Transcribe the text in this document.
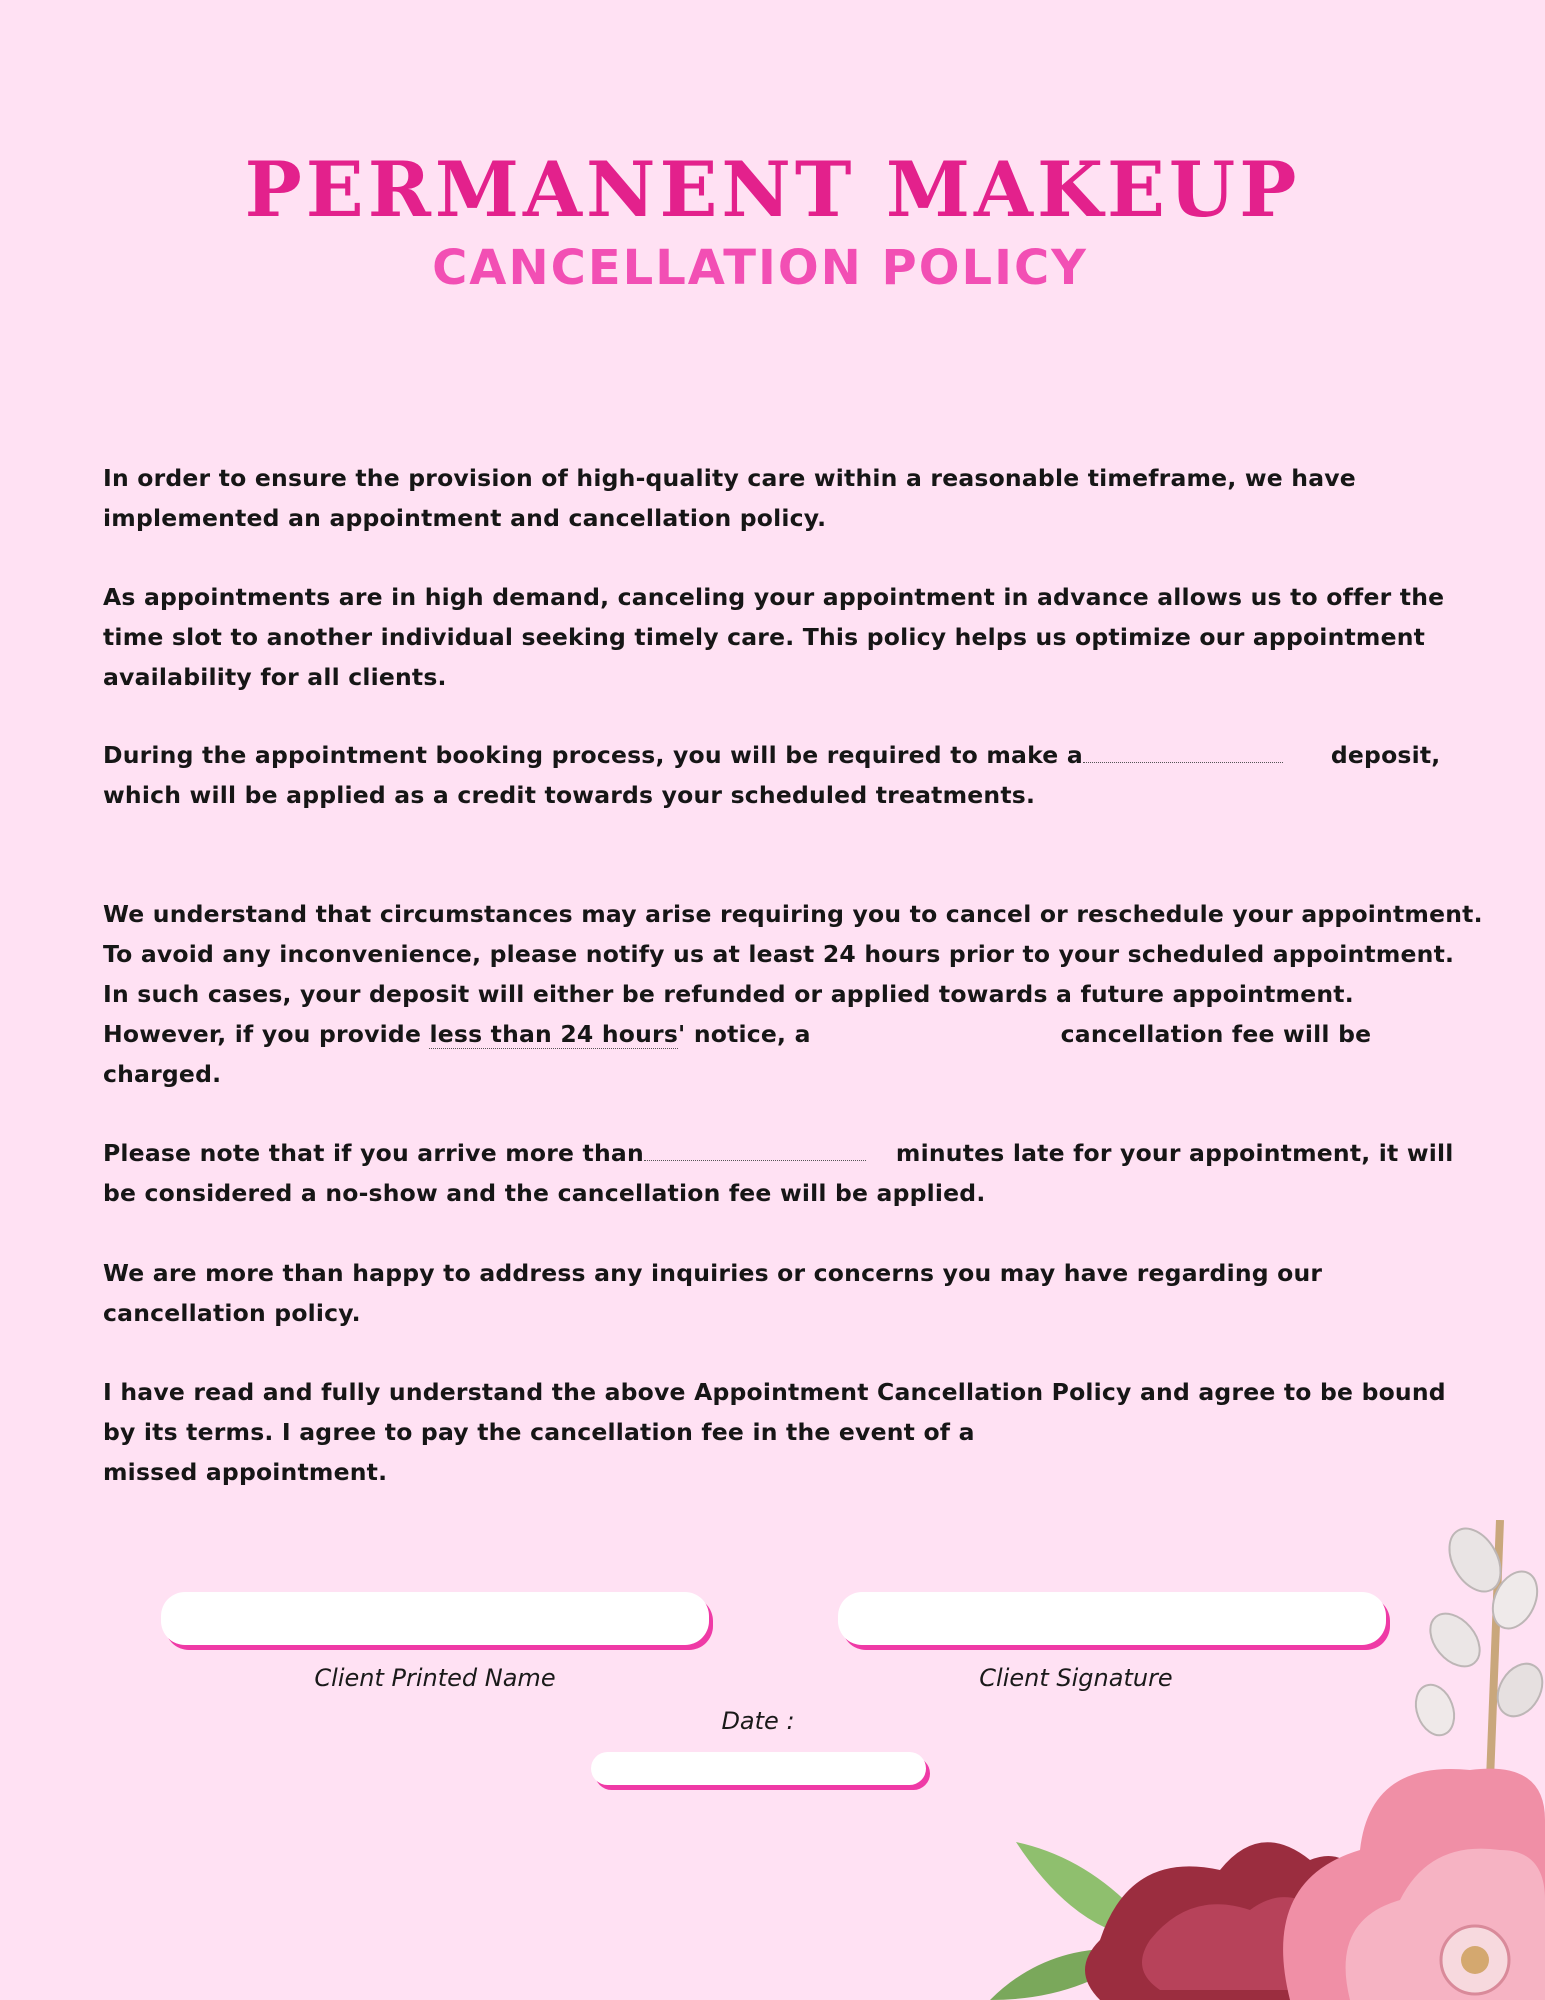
PERMANENT MAKEUP
CANCELLATION POLICY

In order to ensure the provision of high-quality care within a reasonable timeframe, we have implemented an appointment and cancellation policy.

As appointments are in high demand, canceling your appointment in advance allows us to offer the time slot to another individual seeking timely care. This policy helps us optimize our appointment availability for all clients.

During the appointment booking process, you will be required to make a	deposit, which will be applied as a credit towards your scheduled treatments.

We understand that circumstances may arise requiring you to cancel or reschedule your appointment. To avoid any inconvenience, please notify us at least 24 hours prior to your scheduled appointment. In such cases, your deposit will either be refunded or applied towards a future appointment. However, if you provide less than 24 hours' notice, a	cancellation fee will be charged.

Please note that if you arrive more than	minutes late for your appointment, it will be considered a no-show and the cancellation fee will be applied.

We are more than happy to address any inquiries or concerns you may have regarding our cancellation policy.

I have read and fully understand the above Appointment Cancellation Policy and agree to be bound by its terms. I agree to pay the cancellation fee in the event of a

missed appointment.

Client Printed Name	Client Signature
Date :
